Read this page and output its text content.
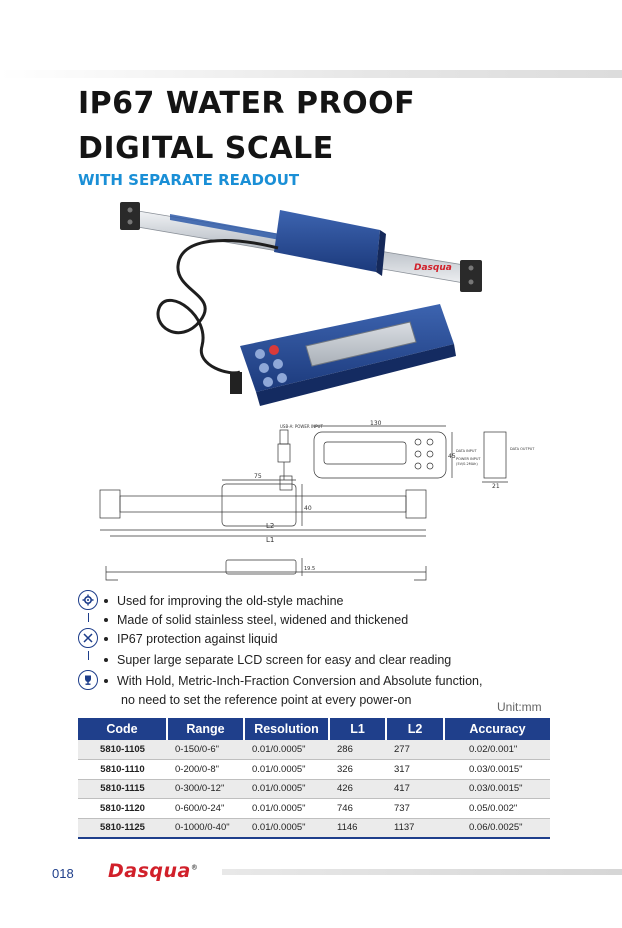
IP67 WATER PROOF
DIGITAL SCALE
WITH SEPARATE READOUT
Dasqua
USB-A: POWER INPUT	130
45
21
DATA INPUT
POWER INPUT
(5V/0.2MAh)
DATA OUTPUT
75
40
L2
L1
19.5
Used for improving the old-style machine
Made of solid stainless steel, widened and thickened
IP67 protection against liquid
Super large separate LCD screen for easy and clear reading
With Hold, Metric-Inch-Fraction Conversion and Absolute function,
no need to set the reference point at every power-on	Unit:mm
Code	Range	Resolution	L1	L2	Accuracy
5810-1105	0-150/0-6"	0.01/0.0005"	286	277	0.02/0.001"
5810-1110	0-200/0-8"	0.01/0.0005"	326	317	0.03/0.0015"
5810-1115	0-300/0-12"	0.01/0.0005"	426	417	0.03/0.0015"
5810-1120	0-600/0-24"	0.01/0.0005"	746	737	0.05/0.002"
5810-1125	0-1000/0-40"	0.01/0.0005"	1146	1137	0.06/0.0025"
018 Dasqua®
